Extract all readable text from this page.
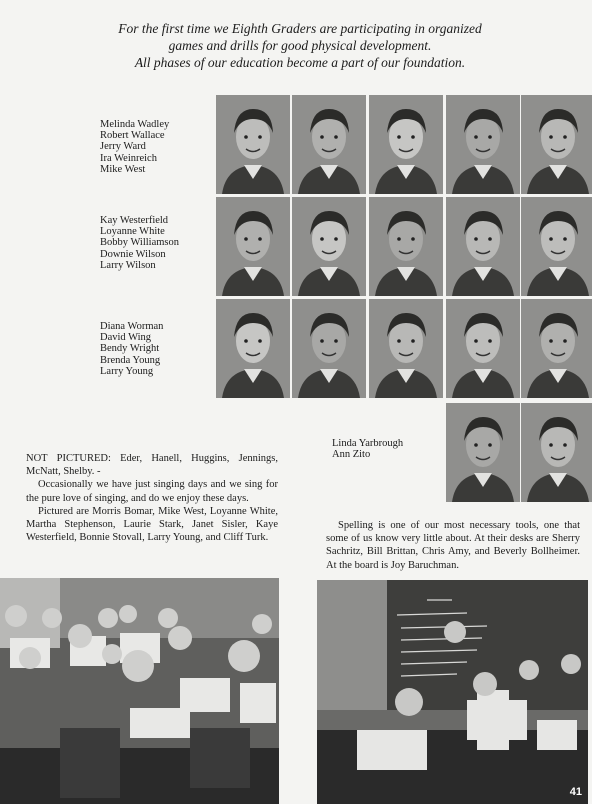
For the first time we Eighth Graders are participating in organized
games and drills for good physical development.
All phases of our education become a part of our foundation.
Melinda Wadley
Robert Wallace
Jerry Ward
Ira Weinreich
Mike West
Kay Westerfield
Loyanne White
Bobby Williamson
Downie Wilson
Larry Wilson
Diana Worman
David Wing
Bendy Wright
Brenda Young
Larry Young
Linda Yarbrough
Ann Zito

NOT PICTURED: Eder, Hanell, Huggins, Jennings, McNatt, Shelby. -

Occasionally we have just singing days and we sing for the pure love of singing, and do we enjoy these days.

Pictured are Morris Bomar, Mike West, Loyanne White, Martha Stephenson, Laurie Stark, Janet Sisler, Kaye Westerfield, Bonnie Stovall, Larry Young, and Cliff Turk.

Spelling is one of our most necessary tools, one that some of us know very little about. At their desks are Sherry Sachritz, Bill Brittan, Chris Amy, and Beverly Bollheimer. At the board is Joy Baruchman.

41
